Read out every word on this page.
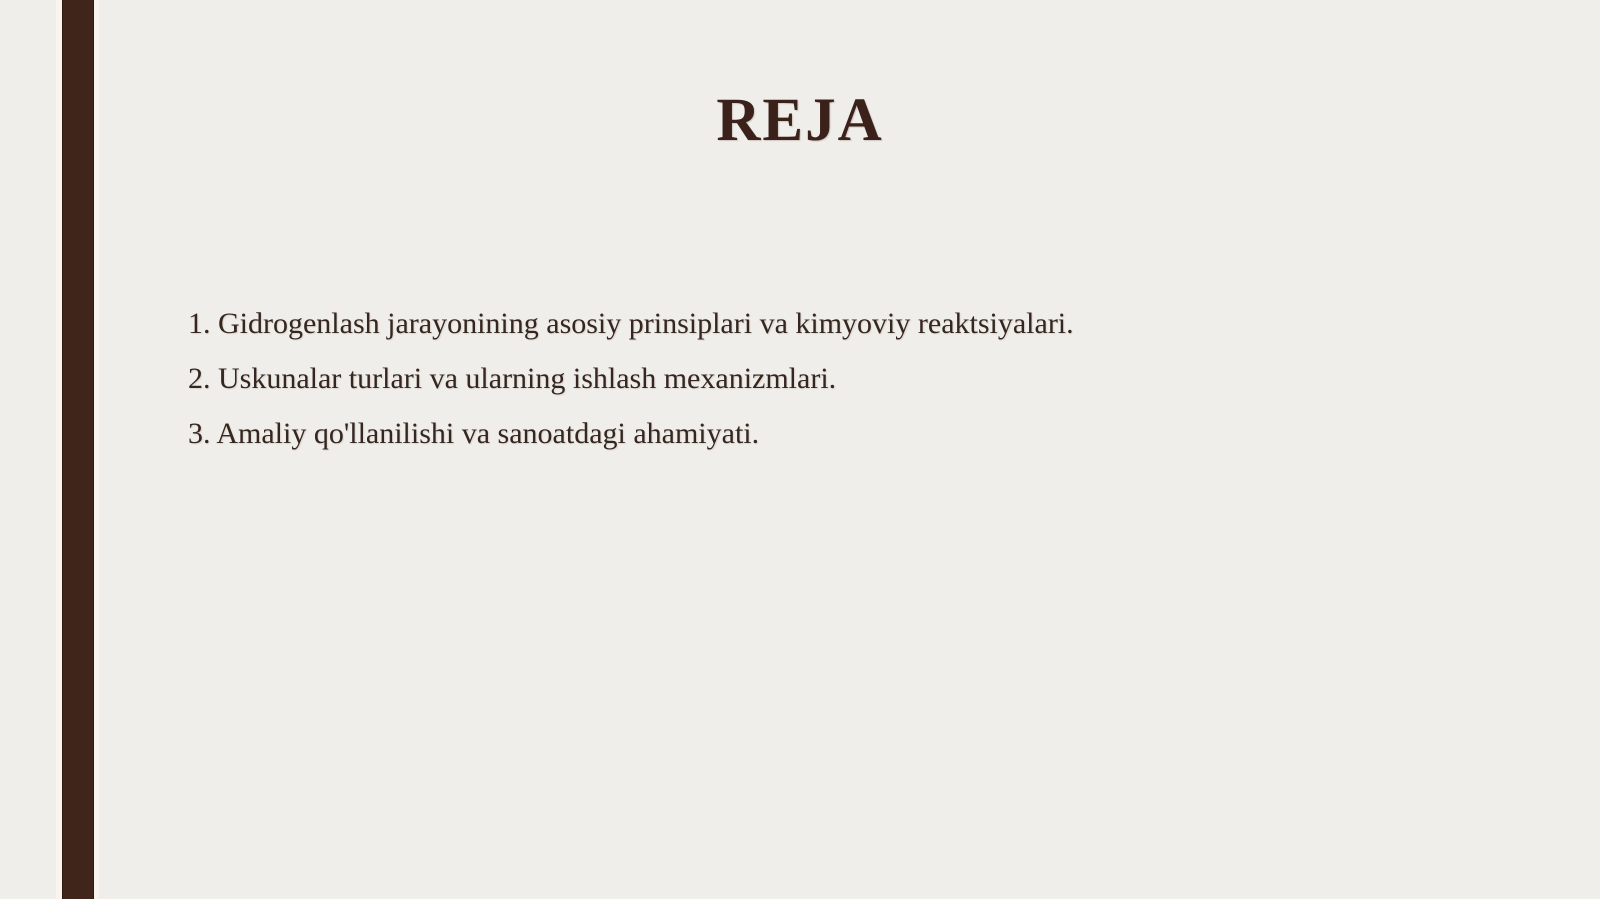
REJA
1. Gidrogenlash jarayonining asosiy prinsiplari va kimyoviy reaktsiyalari.
2. Uskunalar turlari va ularning ishlash mexanizmlari.
3. Amaliy qo'llanilishi va sanoatdagi ahamiyati.
